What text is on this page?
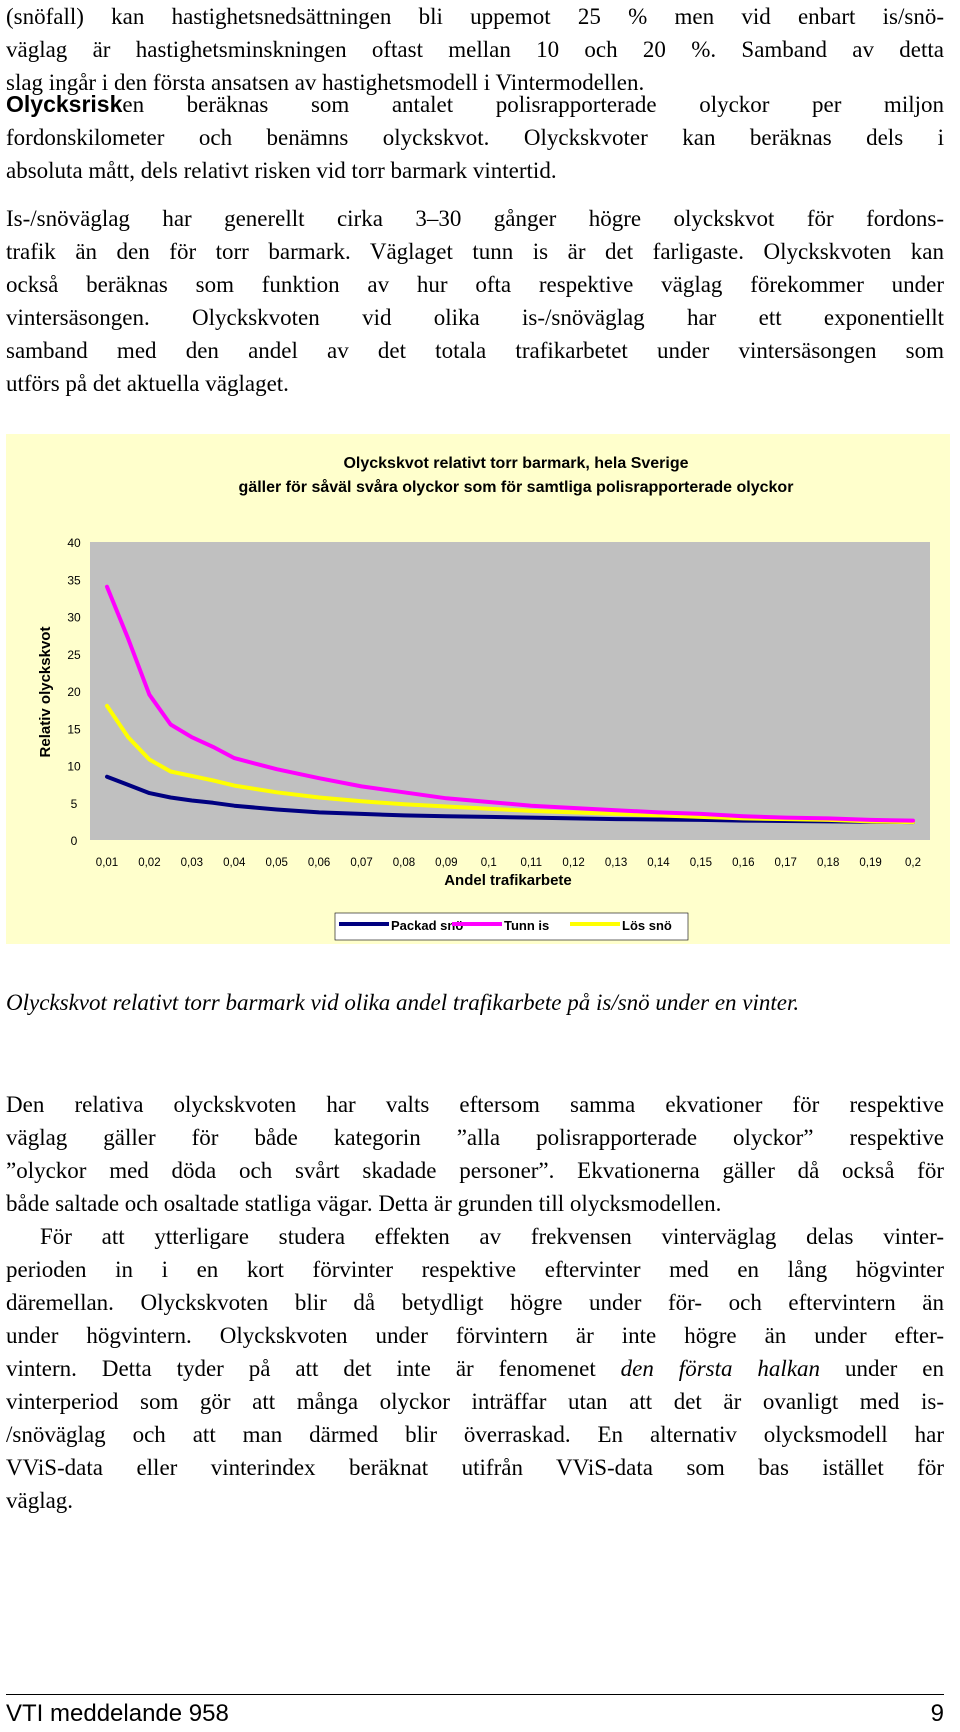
(snöfall) kan hastighetsnedsättningen bli uppemot 25 % men vid enbart is/snö-
väglag är hastighetsminskningen oftast mellan 10 och 20 %. Samband av detta
slag ingår i den första ansatsen av hastighetsmodell i Vintermodellen.

Olycksrisken beräknas som antalet polisrapporterade olyckor per miljon
fordonskilometer och benämns olyckskvot. Olyckskvoter kan beräknas dels i
absoluta mått, dels relativt risken vid torr barmark vintertid.

Is-/snöväglag har generellt cirka 3–30 gånger högre olyckskvot för fordons-
trafik än den för torr barmark. Väglaget tunn is är det farligaste. Olyckskvoten kan
också beräknas som funktion av hur ofta respektive väglag förekommer under
vintersäsongen. Olyckskvoten vid olika is-/snöväglag har ett exponentiellt
samband med den andel av det totala trafikarbetet under vintersäsongen som
utförs på det aktuella väglaget.

Olyckskvot relativt torr barmark, hela Sverige
gäller för såväl svåra olyckor som för samtliga polisrapporterade olyckor
0
5
10
15
20
25
30
35
40
0,01 0,02 0,03 0,04 0,05 0,06 0,07 0,08 0,09 0,1 0,11 0,12 0,13 0,14 0,15 0,16 0,17 0,18 0,19 0,2
Relativ olyckskvot
Andel trafikarbete
Packad snö	Tunn is	Lös snö

Olyckskvot relativt torr barmark vid olika andel trafikarbete på is/snö under en vinter.

Den relativa olyckskvoten har valts eftersom samma ekvationer för respektive
väglag gäller för både kategorin ”alla polisrapporterade olyckor” respektive
”olyckor med döda och svårt skadade personer”. Ekvationerna gäller då också för
både saltade och osaltade statliga vägar. Detta är grunden till olycksmodellen.

För att ytterligare studera effekten av frekvensen vinterväglag delas vinter-
perioden in i en kort förvinter respektive eftervinter med en lång högvinter
däremellan. Olyckskvoten blir då betydligt högre under för- och eftervintern än
under högvintern. Olyckskvoten under förvintern är inte högre än under efter-
vintern. Detta tyder på att det inte är fenomenet den första halkan under en
vinterperiod som gör att många olyckor inträffar utan att det är ovanligt med is-
/snöväglag och att man därmed blir överraskad. En alternativ olycksmodell har
VViS-data eller vinterindex beräknat utifrån VViS-data som bas istället för
väglag.

VTI meddelande 958	9
